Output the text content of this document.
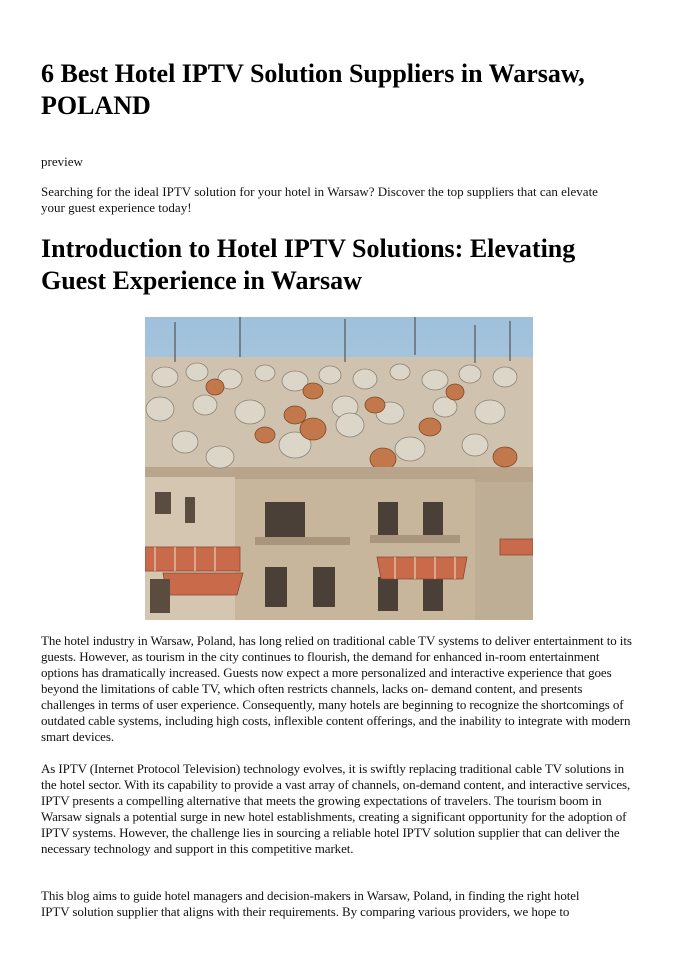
6 Best Hotel IPTV Solution Suppliers in Warsaw, POLAND

preview

Searching for the ideal IPTV solution for your hotel in Warsaw? Discover the top suppliers that can elevate your guest experience today!

Introduction to Hotel IPTV Solutions: Elevating Guest Experience in Warsaw

The hotel industry in Warsaw, Poland, has long relied on traditional cable TV systems to deliver entertainment to its guests. However, as tourism in the city continues to flourish, the demand for enhanced in-room entertainment options has dramatically increased. Guests now expect a more personalized and interactive experience that goes beyond the limitations of cable TV, which often restricts channels, lacks on- demand content, and presents challenges in terms of user experience. Consequently, many hotels are beginning to recognize the shortcomings of outdated cable systems, including high costs, inflexible content offerings, and the inability to integrate with modern smart devices.

As IPTV (Internet Protocol Television) technology evolves, it is swiftly replacing traditional cable TV solutions in the hotel sector. With its capability to provide a vast array of channels, on-demand content, and interactive services, IPTV presents a compelling alternative that meets the growing expectations of travelers. The tourism boom in Warsaw signals a potential surge in new hotel establishments, creating a significant opportunity for the adoption of IPTV systems. However, the challenge lies in sourcing a reliable hotel IPTV solution supplier that can deliver the necessary technology and support in this competitive market.

This blog aims to guide hotel managers and decision-makers in Warsaw, Poland, in finding the right hotel IPTV solution supplier that aligns with their requirements. By comparing various providers, we hope to
